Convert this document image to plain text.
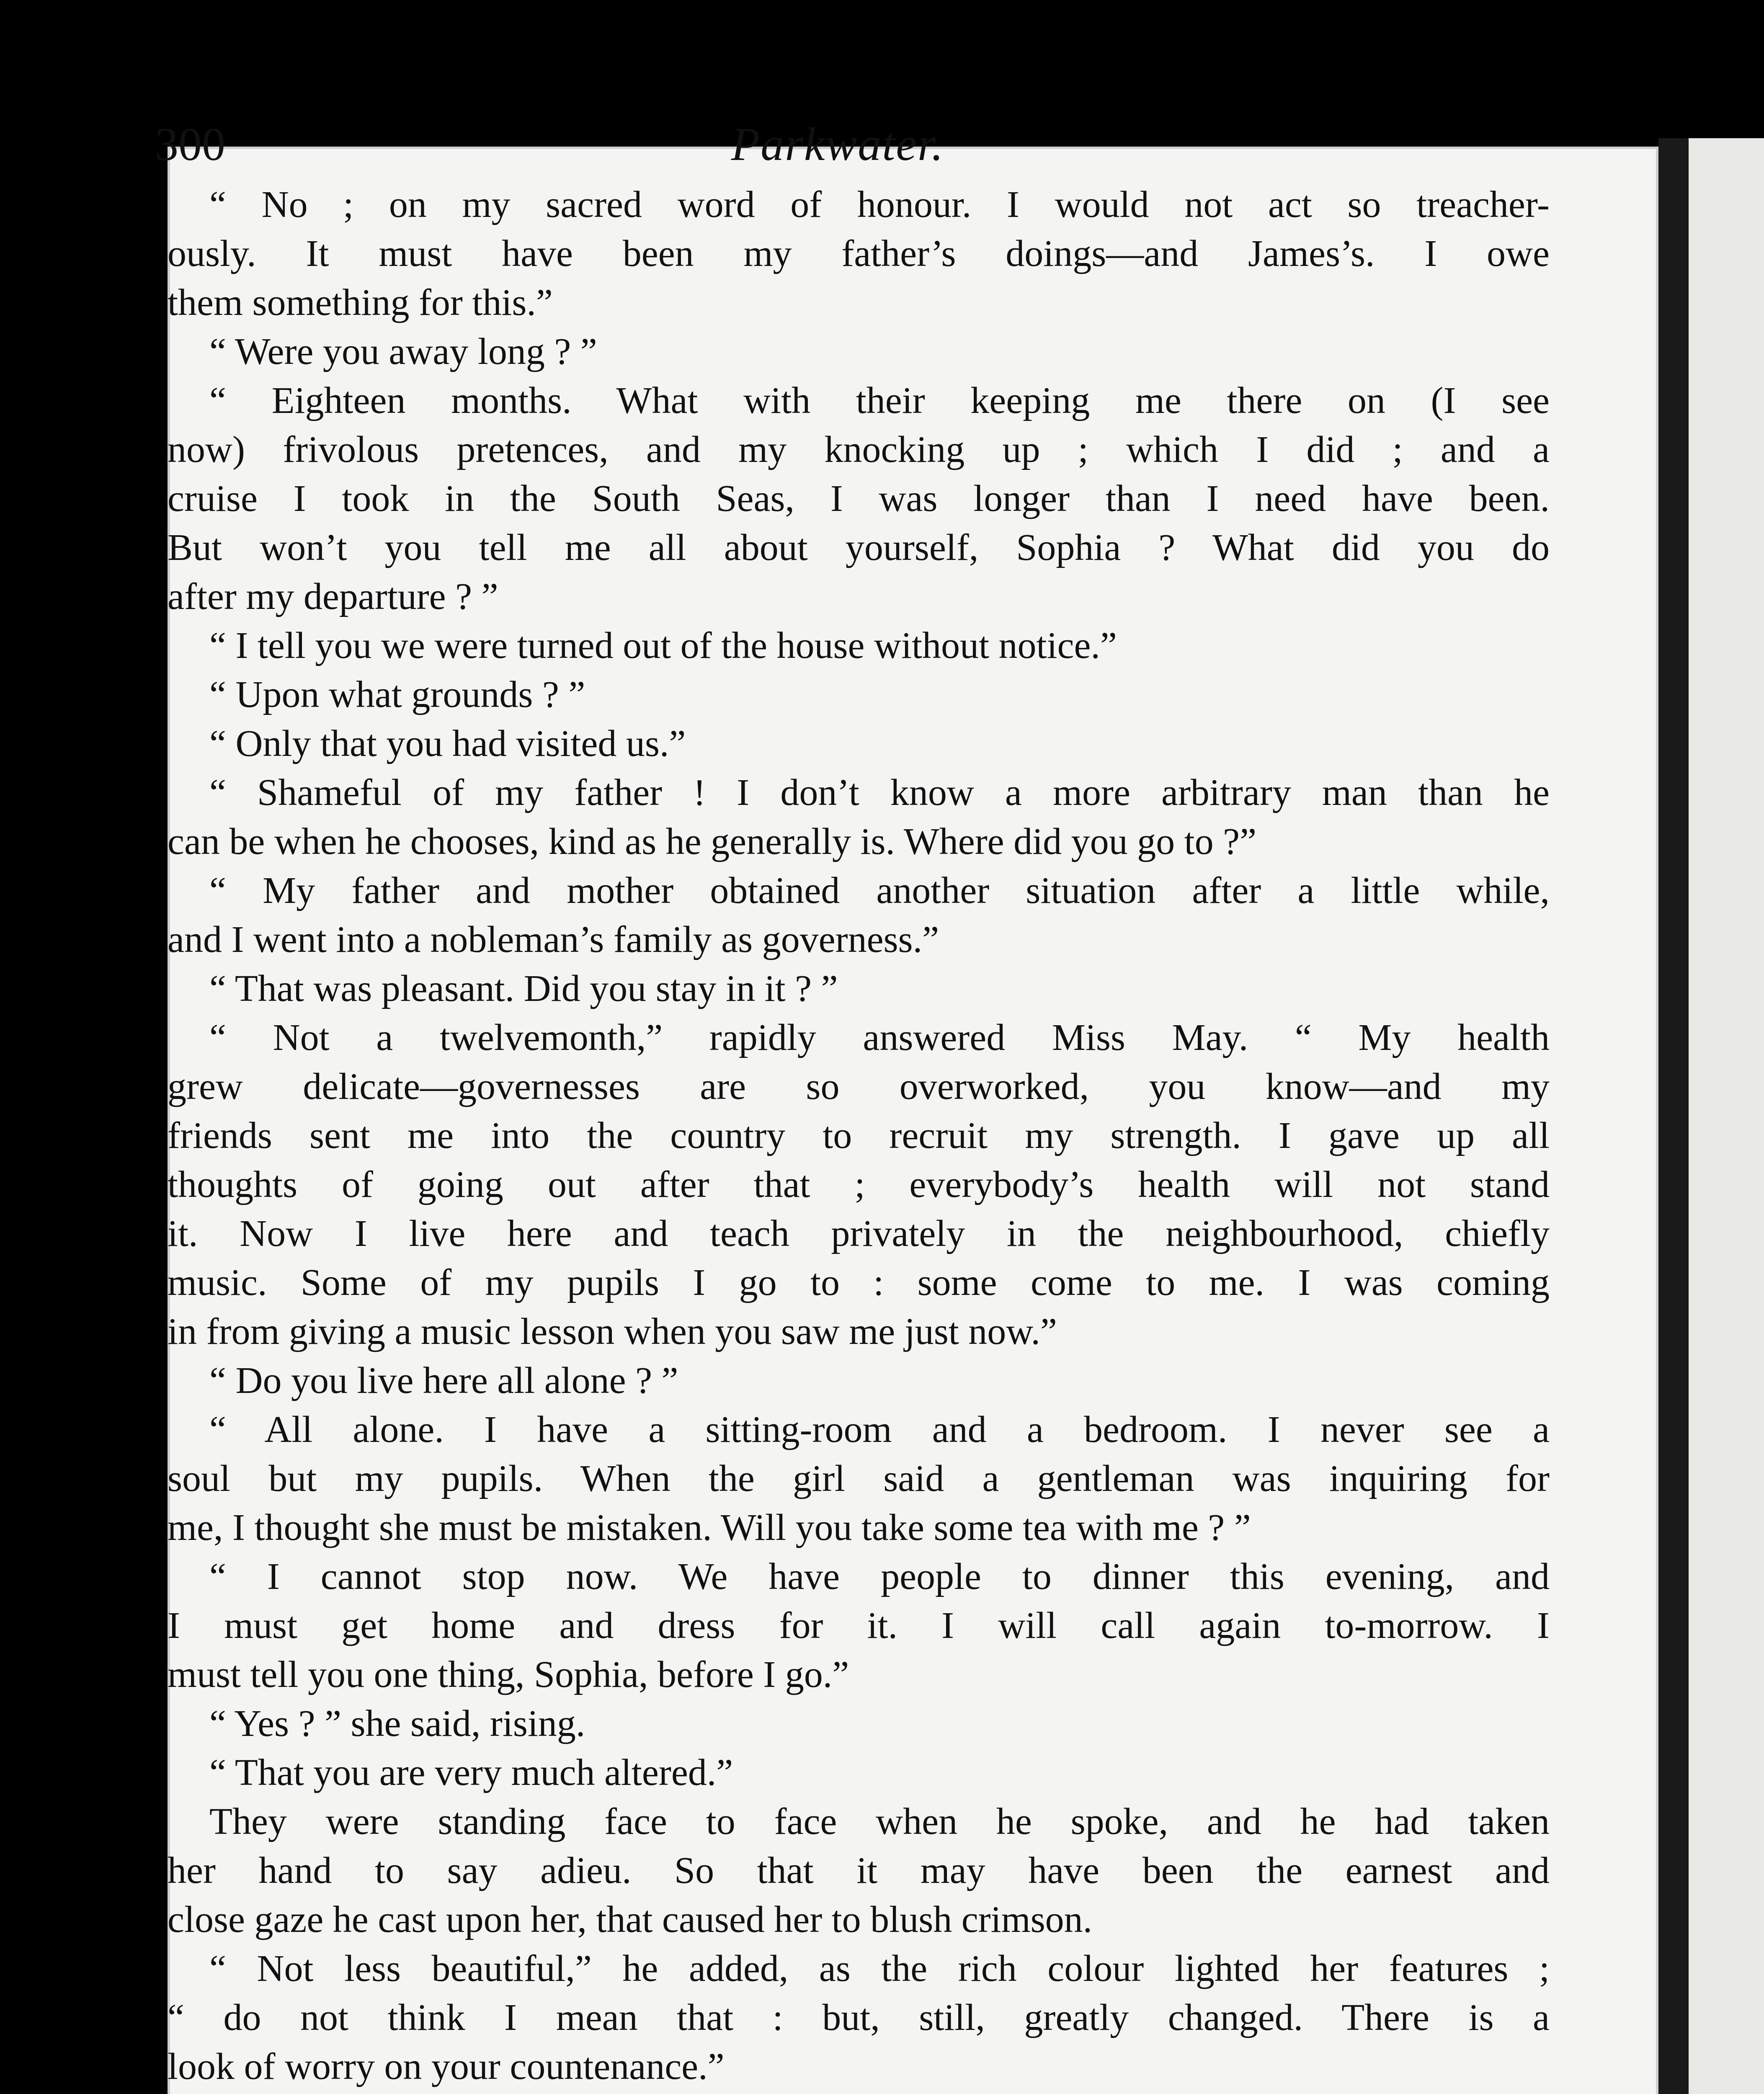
300	Parkwater.
“ No ; on my sacred word of honour. I would not act so treacher-
ously. It must have been my father’s doings—and James’s. I owe
them something for this.”
“ Were you away long ? ”
“ Eighteen months. What with their keeping me there on (I see
now) frivolous pretences, and my knocking up ; which I did ; and a
cruise I took in the South Seas, I was longer than I need have been.
But won’t you tell me all about yourself, Sophia ? What did you do
after my departure ? ”
“ I tell you we were turned out of the house without notice.”
“ Upon what grounds ? ”
“ Only that you had visited us.”
“ Shameful of my father ! I don’t know a more arbitrary man than he
can be when he chooses, kind as he generally is. Where did you go to ?”
“ My father and mother obtained another situation after a little while,
and I went into a nobleman’s family as governess.”
“ That was pleasant. Did you stay in it ? ”
“ Not a twelvemonth,” rapidly answered Miss May. “ My health
grew delicate—governesses are so overworked, you know—and my
friends sent me into the country to recruit my strength. I gave up all
thoughts of going out after that ; everybody’s health will not stand
it. Now I live here and teach privately in the neighbourhood, chiefly
music. Some of my pupils I go to : some come to me. I was coming
in from giving a music lesson when you saw me just now.”
“ Do you live here all alone ? ”
“ All alone. I have a sitting-room and a bedroom. I never see a
soul but my pupils. When the girl said a gentleman was inquiring for
me, I thought she must be mistaken. Will you take some tea with me ? ”
“ I cannot stop now. We have people to dinner this evening, and
I must get home and dress for it. I will call again to-morrow. I
must tell you one thing, Sophia, before I go.”
“ Yes ? ” she said, rising.
“ That you are very much altered.”
They were standing face to face when he spoke, and he had taken
her hand to say adieu. So that it may have been the earnest and
close gaze he cast upon her, that caused her to blush crimson.
“ Not less beautiful,” he added, as the rich colour lighted her features ;
“ do not think I mean that : but, still, greatly changed. There is a
look of worry on your countenance.”
